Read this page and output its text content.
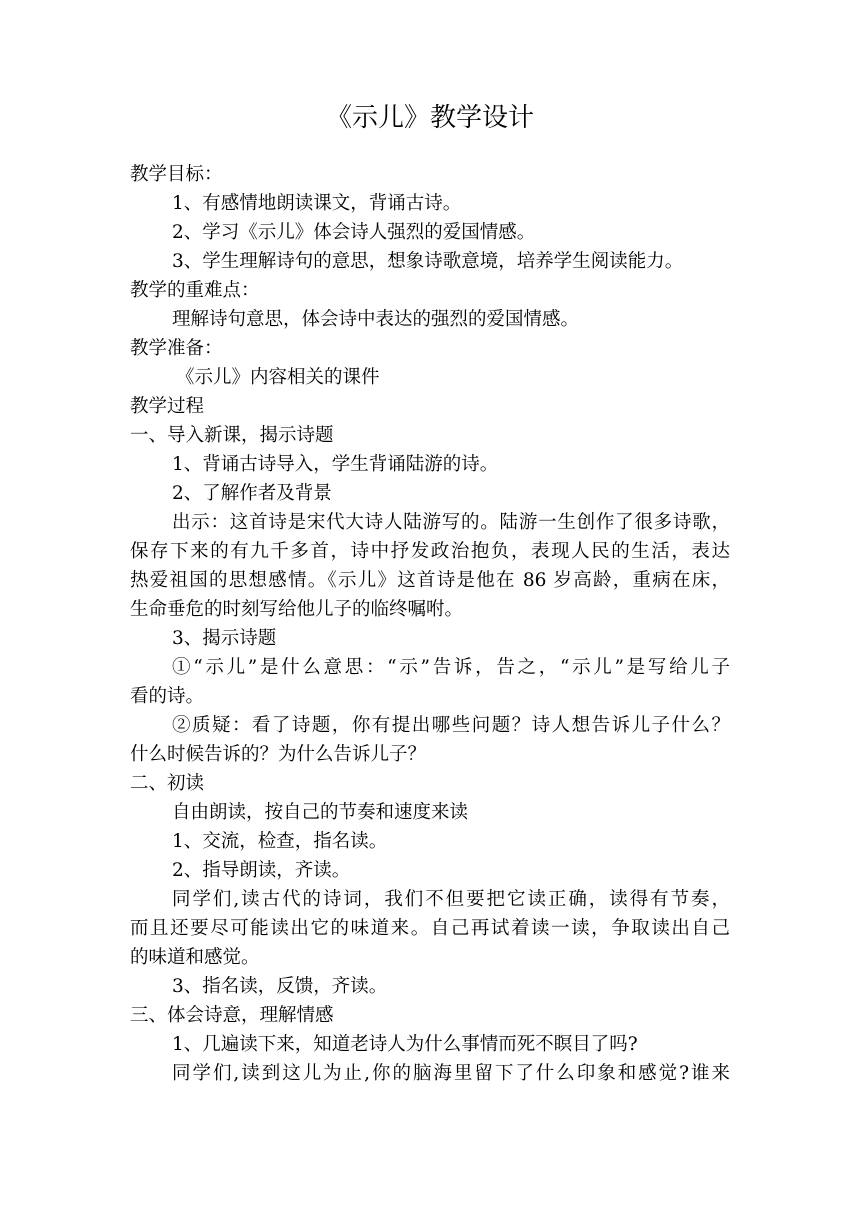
《示儿》教学设计
教学目标：
1、有感情地朗读课文，背诵古诗。
2、学习《示儿》体会诗人强烈的爱国情感。
3、学生理解诗句的意思，想象诗歌意境，培养学生阅读能力。
教学的重难点：
理解诗句意思，体会诗中表达的强烈的爱国情感。
教学准备：
《示儿》内容相关的课件
教学过程
一、导入新课，揭示诗题
1、背诵古诗导入，学生背诵陆游的诗。
2、了解作者及背景
出示：这首诗是宋代大诗人陆游写的。陆游一生创作了很多诗歌，
保存下来的有九千多首，诗中抒发政治抱负，表现人民的生活，表达
热爱祖国的思想感情。《示儿》这首诗是他在 86 岁高龄，重病在床，
生命垂危的时刻写给他儿子的临终嘱咐。
3、揭示诗题
①“示儿”是什么意思：“示”告诉，告之，“示儿”是写给儿子
看的诗。
②质疑：看了诗题，你有提出哪些问题？诗人想告诉儿子什么？
什么时候告诉的？为什么告诉儿子？
二、初读
自由朗读，按自己的节奏和速度来读
1、交流，检查，指名读。
2、指导朗读，齐读。
同学们,读古代的诗词，我们不但要把它读正确，读得有节奏，
而且还要尽可能读出它的味道来。自己再试着读一读，争取读出自己
的味道和感觉。
3、指名读，反馈，齐读。
三、体会诗意，理解情感
1、几遍读下来，知道老诗人为什么事情而死不瞑目了吗?
同学们,读到这儿为止,你的脑海里留下了什么印象和感觉?谁来
